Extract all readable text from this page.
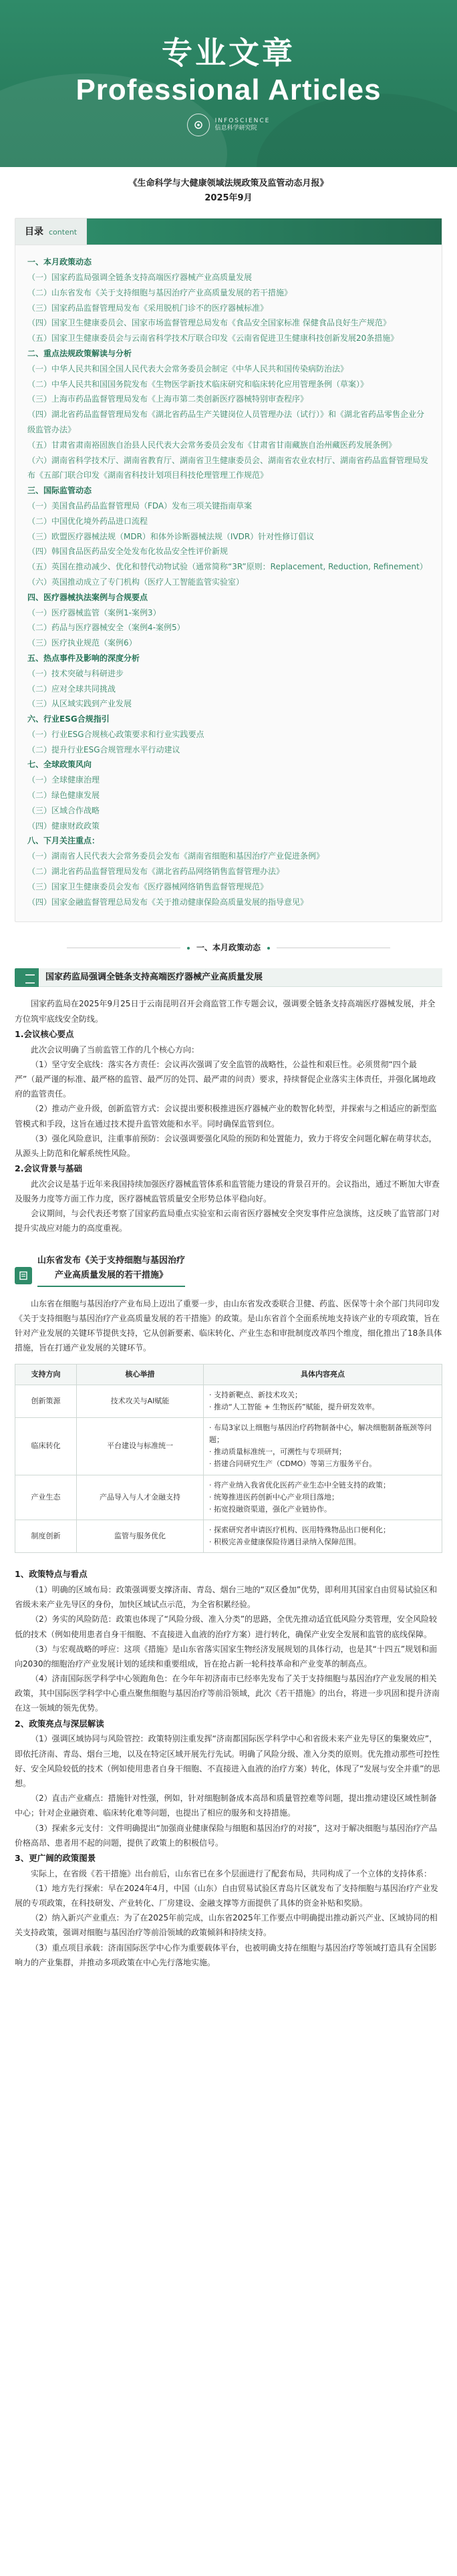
专业文章
Professional Articles
INFOSCIENCE
信息科学研究院
《生命科学与大健康领域法规政策及监管动态月报》
2025年9月
目录 content
一、本月政策动态
（一）国家药监局强调全链条支持高端医疗器械产业高质量发展
（二）山东省发布《关于支持细胞与基因治疗产业高质量发展的若干措施》
（三）国家药品监督管理局发布《采用脱机门诊不的医疗器械标准》
（四）国家卫生健康委员会、国家市场监督管理总局发布《食品安全国家标准 保健食品良好生产规范》
（五）国家卫生健康委员会与云南省科学技术厅联合印发《云南省促进卫生健康科技创新发展20条措施》
二、重点法规政策解读与分析
（一）中华人民共和国全国人民代表大会常务委员会制定《中华人民共和国传染病防治法》
（二）中华人民共和国国务院发布《生物医学新技术临床研究和临床转化应用管理条例（草案）》
（三）上海市药品监督管理局发布《上海市第二类创新医疗器械特别审查程序》
（四）湖北省药品监督管理局发布《湖北省药品生产关键岗位人员管理办法（试行）》和《湖北省药品零售企业分级监管办法》
（五）甘肃省肃南裕固族自治县人民代表大会常务委员会发布《甘肃省甘南藏族自治州藏医药发展条例》
（六）湖南省科学技术厅、湖南省教育厅、湖南省卫生健康委员会、湖南省农业农村厅、湖南省药品监督管理局发布《五部门联合印发《湖南省科技计划项目科技伦理管理工作规范》
三、国际监管动态
（一）美国食品药品监督管理局（FDA）发布三项关键指南草案
（二）中国优化境外药品进口流程
（三）欧盟医疗器械法规（MDR）和体外诊断器械法规（IVDR）针对性修订倡议
（四）韩国食品医药品安全处发布化妆品安全性评价新规
（五）英国在推动减少、优化和替代动物试验（通常简称“3R”原则：Replacement, Reduction, Refinement）
（六）英国推动成立了专门机构（医疗人工智能监管实验室）
四、医疗器械执法案例与合规要点
（一）医疗器械监管（案例1-案例3）
（二）药品与医疗器械安全（案例4-案例5）
（三）医疗执业规范（案例6）
五、热点事件及影响的深度分析
（一）技术突破与科研进步
（二）应对全球共同挑战
（三）从区域实践到产业发展
六、行业ESG合规指引
（一）行业ESG合规核心政策要求和行业实践要点
（二）提升行业ESG合规管理水平行动建议
七、全球政策风向
（一）全球健康治理
（二）绿色健康发展
（三）区域合作战略
（四）健康财政政策
八、下月关注重点：
（一）湖南省人民代表大会常务委员会发布《湖南省细胞和基因治疗产业促进条例》
（二）湖北省药品监督管理局发布《湖北省药品网络销售监督管理办法》
（三）国家卫生健康委员会发布《医疗器械网络销售监督管理规范》
（四）国家金融监督管理总局发布《关于推动健康保险高质量发展的指导意见》
一、本月政策动态
国家药监局强调全链条支持高端医疗器械产业高质量发展

国家药监局在2025年9月25日于云南昆明召开会商监管工作专题会议，强调要全链条支持高端医疗器械发展，并全方位筑牢底线安全防线。

1.会议核心要点

此次会议明确了当前监管工作的几个核心方向：

（1）坚守安全底线：落实各方责任：会议再次强调了安全监管的战略性，公益性和艰巨性。必须贯彻“四个最严”（最严谨的标准、最严格的监管、最严厉的处罚、最严肃的问责）要求，持续督促企业落实主体责任，并强化属地政府的监管责任。

（2）推动产业升级，创新监管方式：会议提出要积极推进医疗器械产业的数智化转型，并探索与之相适应的新型监管模式和手段，这旨在通过技术提升监管效能和水平。同时确保监管到位。

（3）强化风险意识，注重事前预防：会议强调要强化风险的预防和处置能力，致力于将安全问题化解在萌芽状态，从源头上防范和化解系统性风险。

2.会议背景与基础

此次会议是基于近年来我国持续加强医疗器械监管体系和监管能力建设的背景召开的。会议指出，通过不断加大审查及服务力度等方面工作力度，医疗器械监管质量安全形势总体平稳向好。

会议期间，与会代表还考察了国家药监局重点实验室和云南省医疗器械安全突发事件应急演练，这反映了监管部门对提升实战应对能力的高度重视。

山东省发布《关于支持细胞与基因治疗
产业高质量发展的若干措施》

山东省在细胞与基因治疗产业布局上迈出了重要一步，由山东省发改委联合卫健、药监、医保等十余个部门共同印发《关于支持细胞与基因治疗产业高质量发展的若干措施》的政策。是山东省首个全面系统地支持该产业的专项政策，旨在针对产业发展的关键环节提供支持，它从创新要素、临床转化、产业生态和审批制度改革四个维度，细化推出了18条具体措施，旨在打通产业发展的关键环节。

支持方向	核心举措	具体内容亮点
创新策源	技术攻关与AI赋能	· 支持新靶点、新技术攻关；
· 推动“人工智能 + 生物医药”赋能，提升研发效率。

临床转化	平台建设与标准统一	· 布局3家以上细胞与基因治疗药物制备中心，解决细胞制备瓶颈等问题；
· 推动质量标准统一，可溯性与专项研判；
· 搭建合同研究生产（CDMO）等第三方服务平台。

产业生态	产品导入与人才金融支持	· 将产业纳入我省优化医药产业生态中全链支持的政策；
· 统筹推进医药创新中心产业项目落地；
· 拓宽投融资渠道，强化产业链协作。

制度创新	监管与服务优化	· 探索研究者申请医疗机构、医用特殊物品出口便利化；
· 积极完善业健康保险待遇目录纳入保障范围。
1、政策特点与看点

（1）明确的区域布局：政策强调要支撑济南、青岛、烟台三地的“双区叠加”优势，即利用其国家自由贸易试验区和省级未来产业先导区的身份，加快区域试点示范，为全省积累经验。

（2）务实的风险防范：政策也体现了“风险分级、准入分类”的思路，全优先推动适宜低风险分类管理，安全风险较低的技术（例如使用患者自身干细胞、不直接进入血液的治疗方案）进行转化，确保产业安全发展和监管的底线保障。

（3）与宏观战略的呼应：这项《措施》是山东省落实国家生物经济发展规划的具体行动，也是其“十四五”规划和面向2030的细胞治疗产业发展计划的延续和重要组成，旨在抢占新一轮科技革命和产业变革的制高点。

（4）济南国际医学科学中心领跑角色：在今年年初济南市已经率先发布了关于支持细胞与基因治疗产业发展的相关政策，其中国际医学科学中心重点聚焦细胞与基因治疗等前沿领域，此次《若干措施》的出台，将进一步巩固和提升济南在这一领域的领先优势。

2、政策亮点与深层解读

（1）强调区域协同与风险管控：政策特别注重发挥“济南都国际医学科学中心和省级未来产业先导区的集聚效应”，即依托济南、青岛、烟台三地，以及在特定区域开展先行先试。明确了风险分级、准入分类的原则。优先推动那些可控性好、安全风险较低的技术（例如使用患者自身干细胞、不直接进入血液的治疗方案）转化，体现了“发展与安全并重”的思想。

（2）直击产业痛点：措施针对性强，例如，针对细胞制备成本高昂和质量管控难等问题，提出推动建设区域性制备中心；针对企业融资难、临床转化难等问题，也提出了相应的服务和支持措施。

（3）探索多元支付：文件明确提出“加强商业健康保险与细胞和基因治疗的对接”，这对于解决细胞与基因治疗产品价格高昂、患者用不起的问题，提供了政策上的积极信号。

3、更广阔的政策图景

实际上，在省级《若干措施》出台前后，山东省已在多个层面进行了配套布局，共同构成了一个立体的支持体系：

（1）地方先行探索：早在2024年4月，中国（山东）自由贸易试验区青岛片区就发布了支持细胞与基因治疗产业发展的专项政策，在科技研发、产业转化、厂房建设、金融支撑等方面提供了具体的资金补贴和奖励。

（2）纳入新兴产业重点：为了在2025年前完成，山东省2025年工作要点中明确提出推动新兴产业、区域协同的相关支持政策，强调对细胞与基因治疗等前沿领域的政策倾斜和持续支持。

（3）重点项目承载：济南国际医学中心作为重要载体平台，也被明确支持在细胞与基因治疗等领域打造具有全国影响力的产业集群，并推动多项政策在中心先行落地实施。
